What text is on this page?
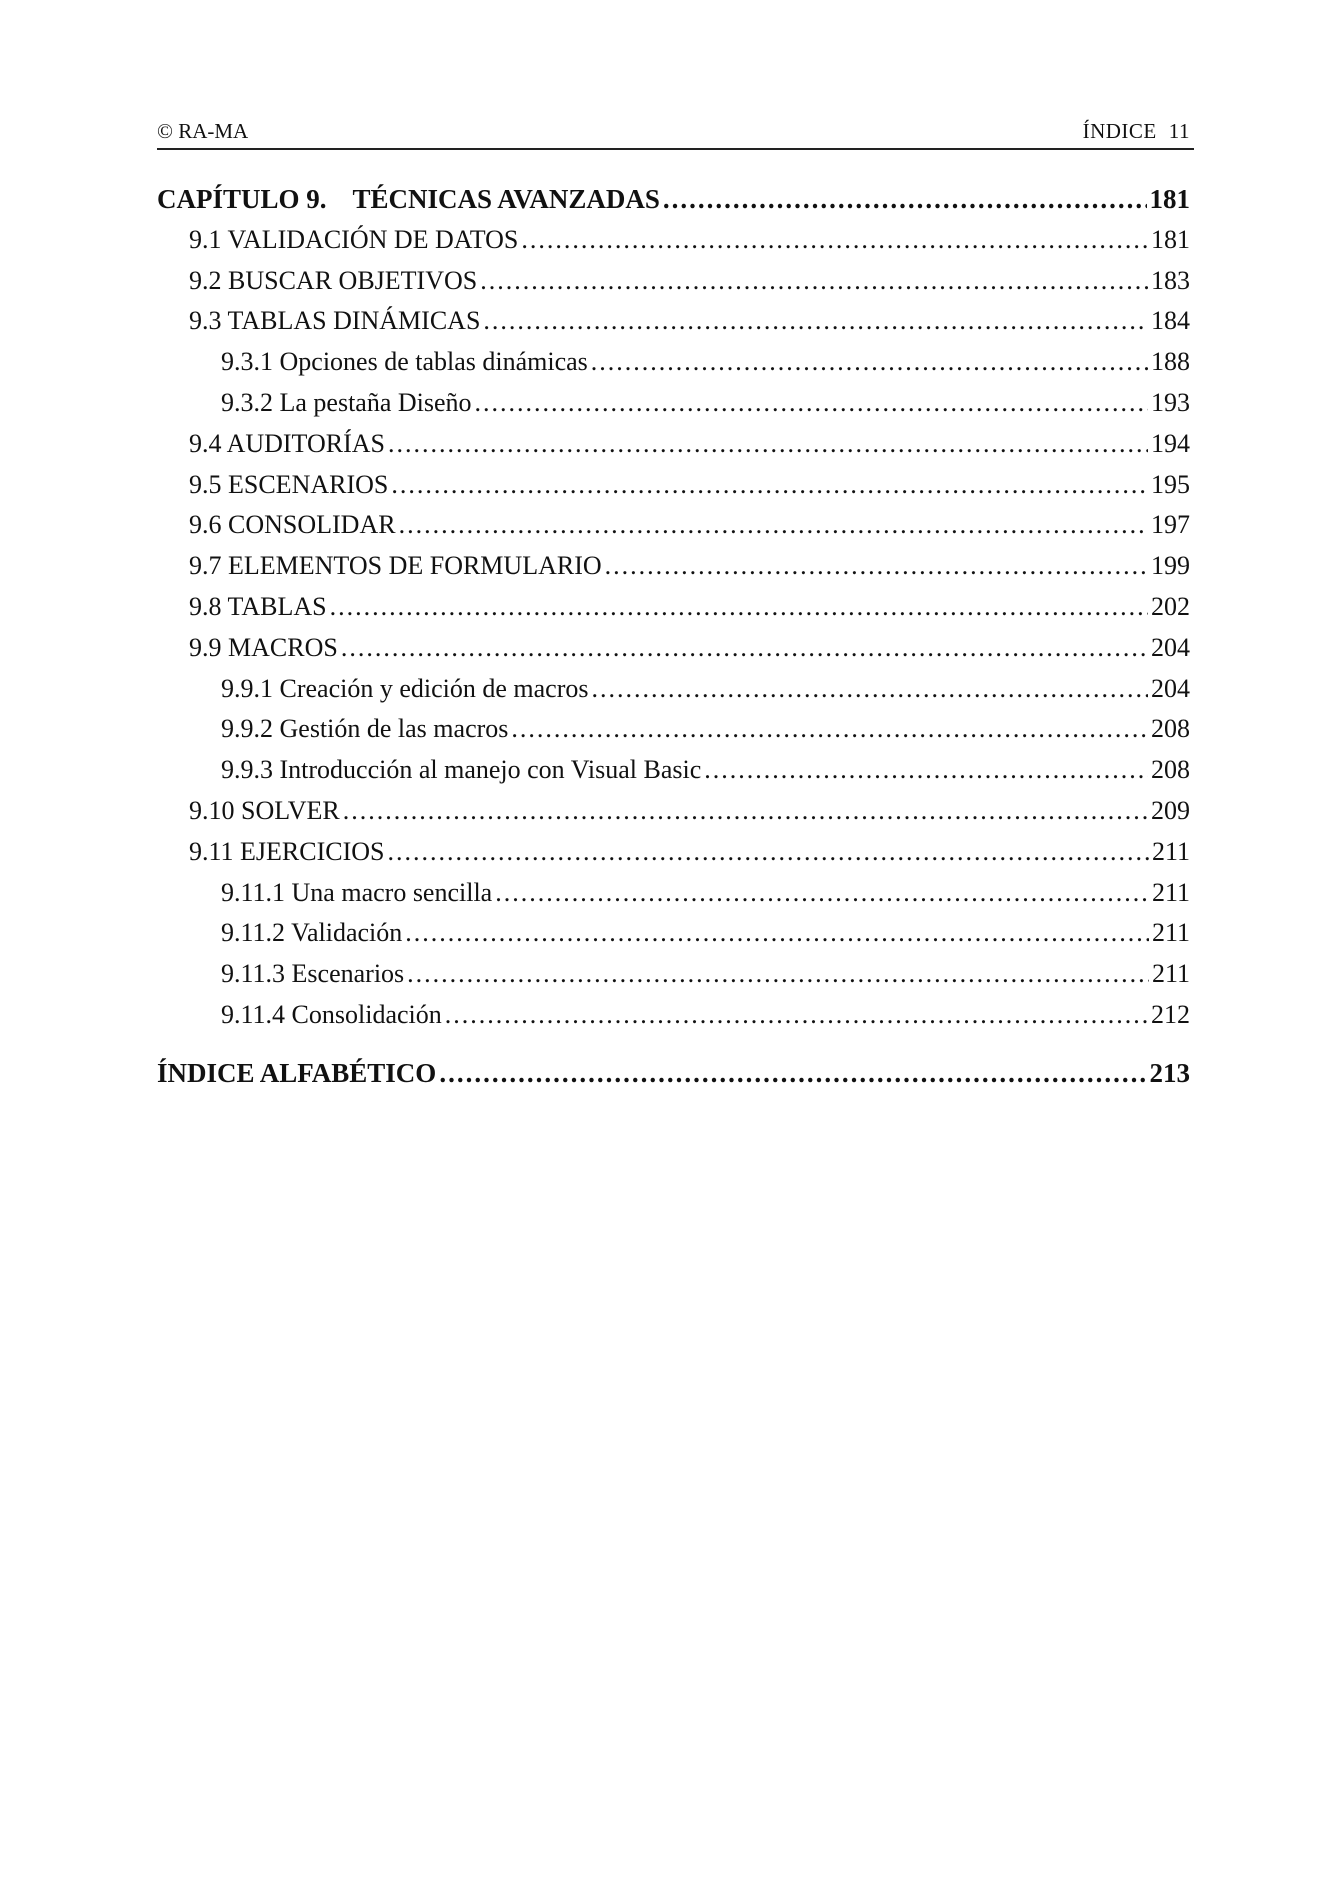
© RA-MA	ÍNDICE 11
CAPÍTULO 9. TÉCNICAS AVANZADAS .....	181
9.1 VALIDACIÓN DE DATOS .....	181
9.2 BUSCAR OBJETIVOS .....	183
9.3 TABLAS DINÁMICAS .....	184
9.3.1 Opciones de tablas dinámicas .....	188
9.3.2 La pestaña Diseño .....	193
9.4 AUDITORÍAS .....	194
9.5 ESCENARIOS .....	195
9.6 CONSOLIDAR .....	197
9.7 ELEMENTOS DE FORMULARIO .....	199
9.8 TABLAS .....	202
9.9 MACROS .....	204
9.9.1 Creación y edición de macros .....	204
9.9.2 Gestión de las macros .....	208
9.9.3 Introducción al manejo con Visual Basic .....	208
9.10 SOLVER .....	209
9.11 EJERCICIOS .....	211
9.11.1 Una macro sencilla .....	211
9.11.2 Validación .....	211
9.11.3 Escenarios .....	211
9.11.4 Consolidación .....	212
ÍNDICE ALFABÉTICO .....	213
